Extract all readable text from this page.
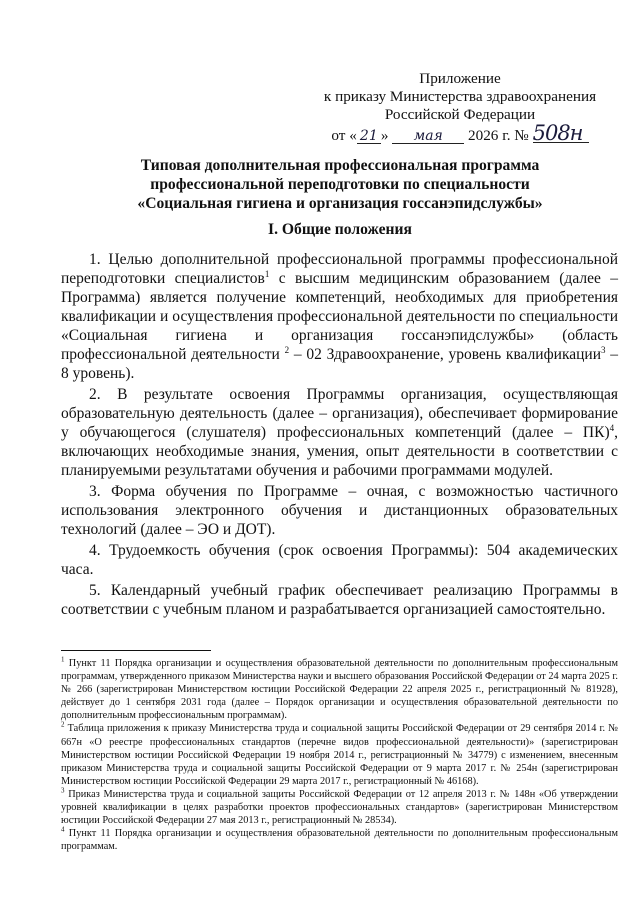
Приложение
к приказу Министерства здравоохранения
Российской Федерации
от « 21 » мая 2026 г. № 508н
Типовая дополнительная профессиональная программа
профессиональной переподготовки по специальности
«Социальная гигиена и организация госсанэпидслужбы»
I. Общие положения

1. Целью дополнительной профессиональной программы профессиональной переподготовки специалистов$^1$ с высшим медицинским образованием (далее – Программа) является получение компетенций, необходимых для приобретения квалификации и осуществления профессиональной деятельности по специальности «Социальная гигиена и организация госсанэпидслужбы» (область профессиональной деятельности $^2$ – 02 Здравоохранение, уровень квалификации$^3$ – 8 уровень).

2. В результате освоения Программы организация, осуществляющая образовательную деятельность (далее – организация), обеспечивает формирование у обучающегося (слушателя) профессиональных компетенций (далее – ПК)$^4$, включающих необходимые знания, умения, опыт деятельности в соответствии с планируемыми результатами обучения и рабочими программами модулей.

3. Форма обучения по Программе – очная, с возможностью частичного использования электронного обучения и дистанционных образовательных технологий (далее – ЭО и ДОТ).

4. Трудоемкость обучения (срок освоения Программы): 504 академических часа.

5. Календарный учебный график обеспечивает реализацию Программы в соответствии с учебным планом и разрабатывается организацией самостоятельно.

$^1$ Пункт 11 Порядка организации и осуществления образовательной деятельности по дополнительным профессиональным программам, утвержденного приказом Министерства науки и высшего образования Российской Федерации от 24 марта 2025 г. № 266 (зарегистрирован Министерством юстиции Российской Федерации 22 апреля 2025 г., регистрационный № 81928), действует до 1 сентября 2031 года (далее – Порядок организации и осуществления образовательной деятельности по дополнительным профессиональным программам).

$^2$ Таблица приложения к приказу Министерства труда и социальной защиты Российской Федерации от 29 сентября 2014 г. № 667н «О реестре профессиональных стандартов (перечне видов профессиональной деятельности)» (зарегистрирован Министерством юстиции Российской Федерации 19 ноября 2014 г., регистрационный № 34779) с изменением, внесенным приказом Министерства труда и социальной защиты Российской Федерации от 9 марта 2017 г. № 254н (зарегистрирован Министерством юстиции Российской Федерации 29 марта 2017 г., регистрационный № 46168).

$^3$ Приказ Министерства труда и социальной защиты Российской Федерации от 12 апреля 2013 г. № 148н «Об утверждении уровней квалификации в целях разработки проектов профессиональных стандартов» (зарегистрирован Министерством юстиции Российской Федерации 27 мая 2013 г., регистрационный № 28534).

$^4$ Пункт 11 Порядка организации и осуществления образовательной деятельности по дополнительным профессиональным программам.
